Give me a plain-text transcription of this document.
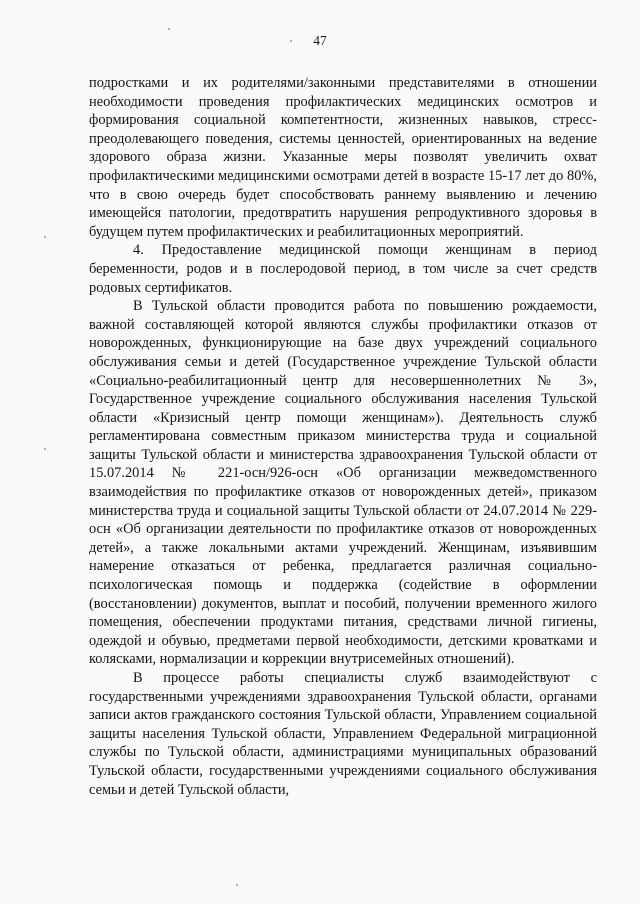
47

подростками и их родителями/законными представителями в отношении необходимости проведения профилактических медицинских осмотров и формирования социальной компетентности, жизненных навыков, стресс-преодолевающего поведения, системы ценностей, ориентированных на ведение здорового образа жизни. Указанные меры позволят увеличить охват профилактическими медицинскими осмотрами детей в возрасте 15-17 лет до 80%, что в свою очередь будет способствовать раннему выявлению и лечению имеющейся патологии, предотвратить нарушения репродуктивного здоровья в будущем путем профилактических и реабилитационных мероприятий.

4. Предоставление медицинской помощи женщинам в период беременности, родов и в послеродовой период, в том числе за счет средств родовых сертификатов.

В Тульской области проводится работа по повышению рождаемости, важной составляющей которой являются службы профилактики отказов от новорожденных, функционирующие на базе двух учреждений социального обслуживания семьи и детей (Государственное учреждение Тульской области «Социально-реабилитационный центр для несовершеннолетних № 3», Государственное учреждение социального обслуживания населения Тульской области «Кризисный центр помощи женщинам»). Деятельность служб регламентирована совместным приказом министерства труда и социальной защиты Тульской области и министерства здравоохранения Тульской области от 15.07.2014 № 221-осн/926-осн «Об организации межведомственного взаимодействия по профилактике отказов от новорожденных детей», приказом министерства труда и социальной защиты Тульской области от 24.07.2014 № 229-осн «Об организации деятельности по профилактике отказов от новорожденных детей», а также локальными актами учреждений. Женщинам, изъявившим намерение отказаться от ребенка, предлагается различная социально-психологическая помощь и поддержка (содействие в оформлении (восстановлении) документов, выплат и пособий, получении временного жилого помещения, обеспечении продуктами питания, средствами личной гигиены, одеждой и обувью, предметами первой необходимости, детскими кроватками и колясками, нормализации и коррекции внутрисемейных отношений).

В процессе работы специалисты служб взаимодействуют с государственными учреждениями здравоохранения Тульской области, органами записи актов гражданского состояния Тульской области, Управлением социальной защиты населения Тульской области, Управлением Федеральной миграционной службы по Тульской области, администрациями муниципальных образований Тульской области, государственными учреждениями социального обслуживания семьи и детей Тульской области,
